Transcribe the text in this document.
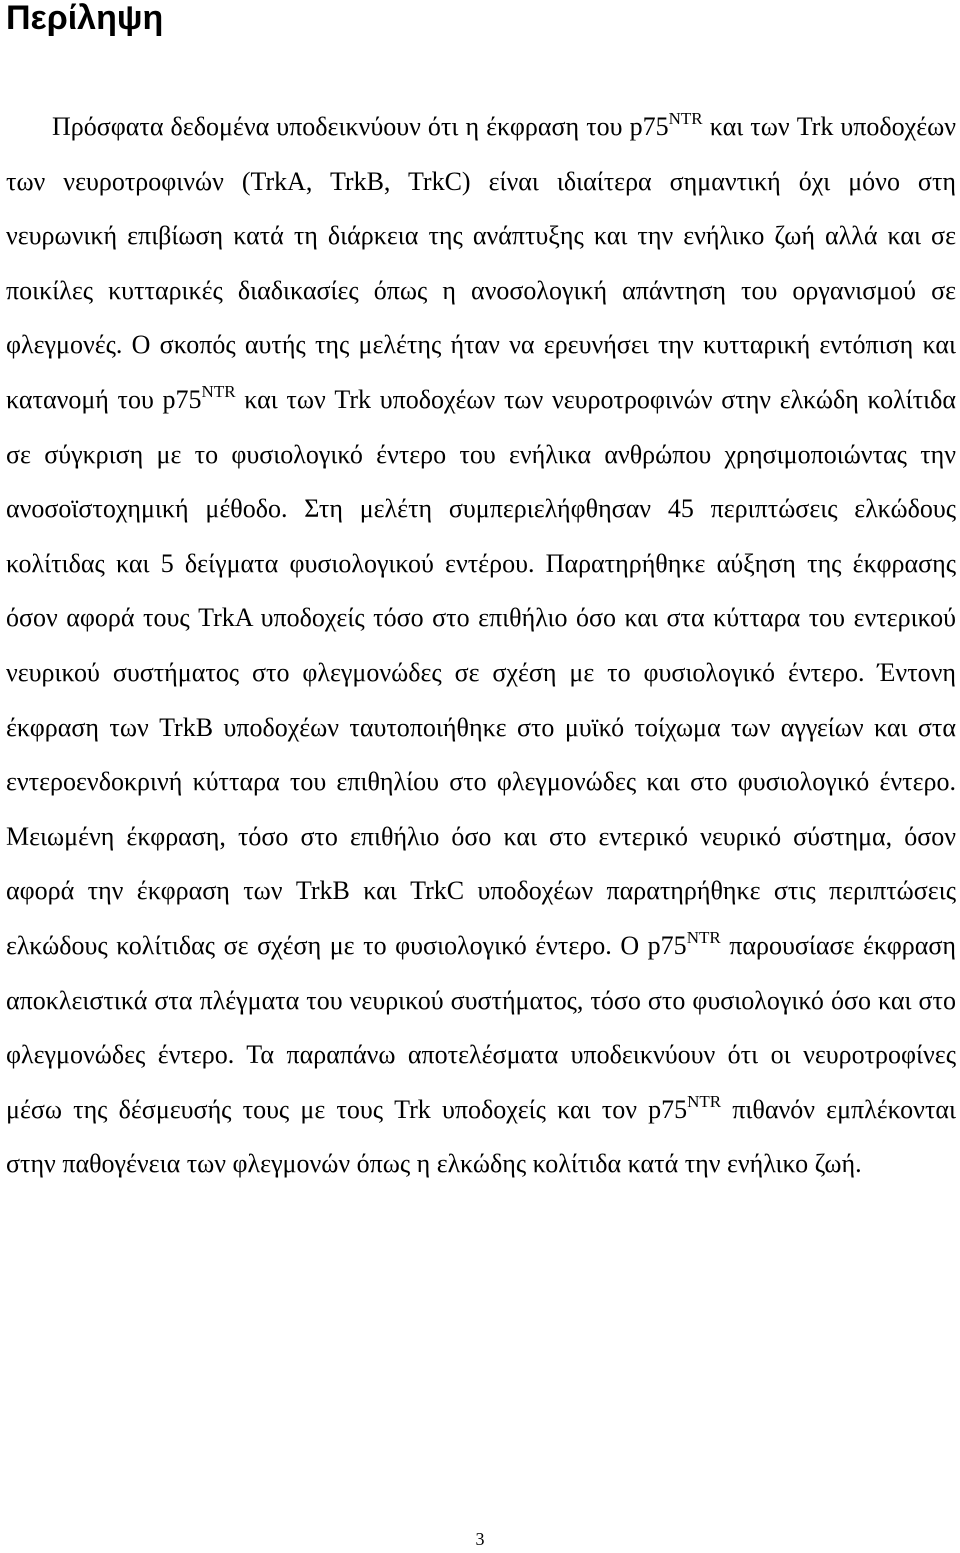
Περίληψη

Πρόσφατα δεδομένα υποδεικνύουν ότι η έκφραση του $p75^{NTR}$ και των Trk υποδοχέων των νευροτροφινών (TrkA, TrkB, TrkC) είναι ιδιαίτερα σημαντική όχι μόνο στη νευρωνική επιβίωση κατά τη διάρκεια της ανάπτυξης και την ενήλικο ζωή αλλά και σε ποικίλες κυτταρικές διαδικασίες όπως η ανοσολογική απάντηση του οργανισμού σε φλεγμονές. Ο σκοπός αυτής της μελέτης ήταν να ερευνήσει την κυτταρική εντόπιση και κατανομή του $p75^{NTR}$ και των Trk υποδοχέων των νευροτροφινών στην ελκώδη κολίτιδα σε σύγκριση με το φυσιολογικό έντερο του ενήλικα ανθρώπου χρησιμοποιώντας την ανοσοϊστοχημική μέθοδο. Στη μελέτη συμπεριελήφθησαν 45 περιπτώσεις ελκώδους κολίτιδας και 5 δείγματα φυσιολογικού εντέρου. Παρατηρήθηκε αύξηση της έκφρασης όσον αφορά τους TrkA υποδοχείς τόσο στο επιθήλιο όσο και στα κύτταρα του εντερικού νευρικού συστήματος στο φλεγμονώδες σε σχέση με το φυσιολογικό έντερο. Έντονη έκφραση των TrkB υποδοχέων ταυτοποιήθηκε στο μυϊκό τοίχωμα των αγγείων και στα εντεροενδοκρινή κύτταρα του επιθηλίου στο φλεγμονώδες και στο φυσιολογικό έντερο. Μειωμένη έκφραση, τόσο στο επιθήλιο όσο και στο εντερικό νευρικό σύστημα, όσον αφορά την έκφραση των TrkB και TrkC υποδοχέων παρατηρήθηκε στις περιπτώσεις ελκώδους κολίτιδας σε σχέση με το φυσιολογικό έντερο. Ο $p75^{NTR}$ παρουσίασε έκφραση αποκλειστικά στα πλέγματα του νευρικού συστήματος, τόσο στο φυσιολογικό όσο και στο φλεγμονώδες έντερο. Τα παραπάνω αποτελέσματα υποδεικνύουν ότι οι νευροτροφίνες μέσω της δέσμευσής τους με τους Trk υποδοχείς και τον $p75^{NTR}$ πιθανόν εμπλέκονται στην παθογένεια των φλεγμονών όπως η ελκώδης κολίτιδα κατά την ενήλικο ζωή.

3
